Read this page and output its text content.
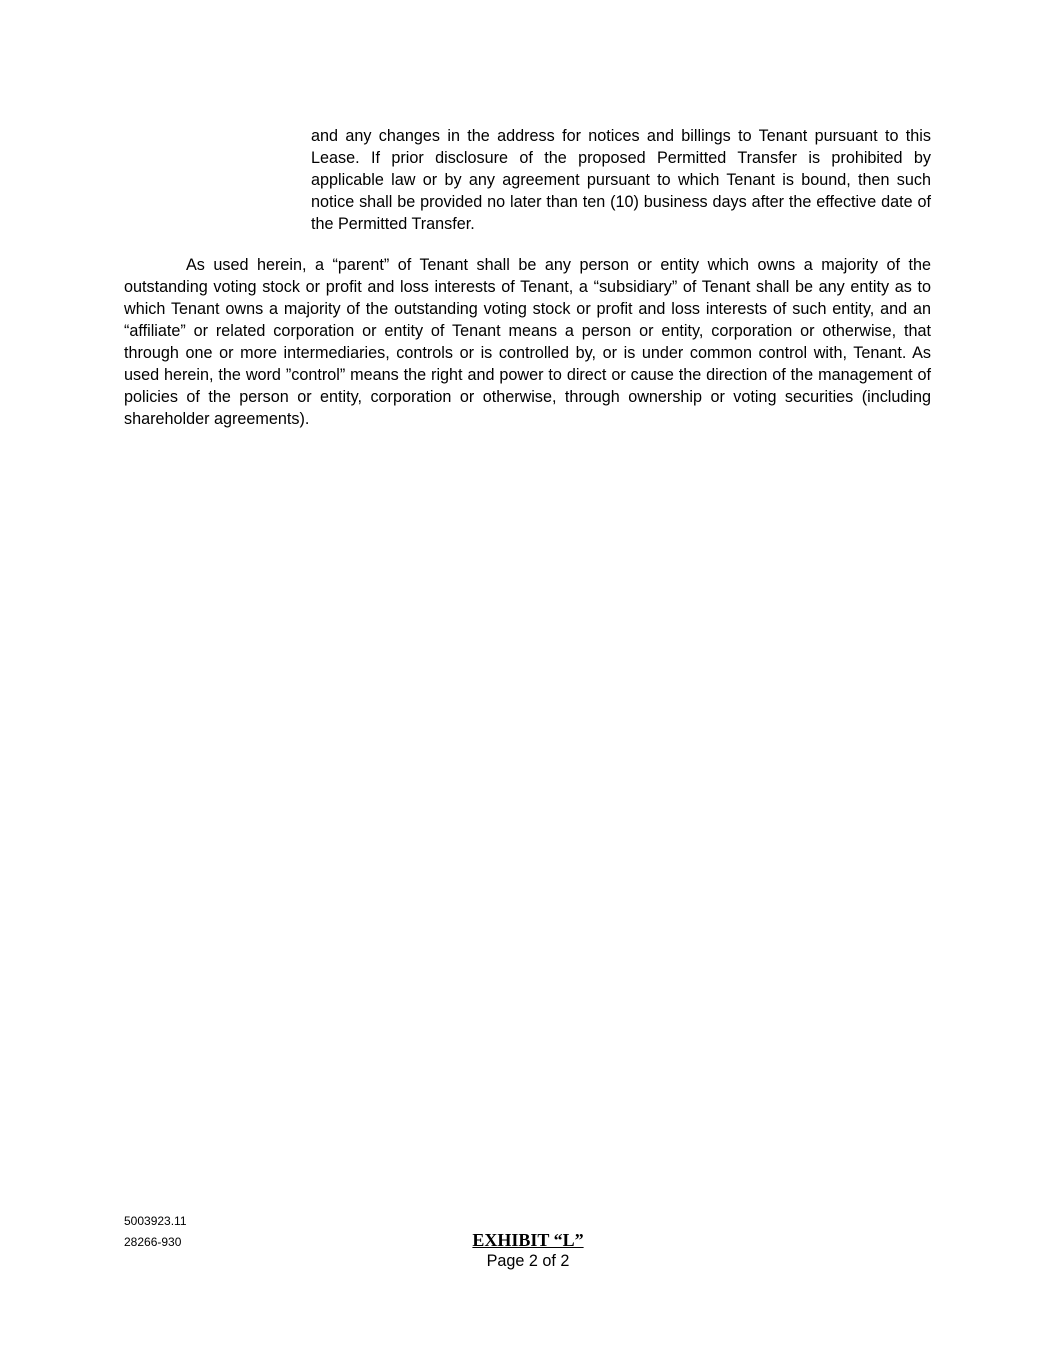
and any changes in the address for notices and billings to Tenant pursuant to this Lease. If prior disclosure of the proposed Permitted Transfer is prohibited by applicable law or by any agreement pursuant to which Tenant is bound, then such notice shall be provided no later than ten (10) business days after the effective date of the Permitted Transfer.

As used herein, a “parent” of Tenant shall be any person or entity which owns a majority of the outstanding voting stock or profit and loss interests of Tenant, a “subsidiary” of Tenant shall be any entity as to which Tenant owns a majority of the outstanding voting stock or profit and loss interests of such entity, and an “affiliate” or related corporation or entity of Tenant means a person or entity, corporation or otherwise, that through one or more intermediaries, controls or is controlled by, or is under common control with, Tenant. As used herein, the word ”control” means the right and power to direct or cause the direction of the management of policies of the person or entity, corporation or otherwise, through ownership or voting securities (including shareholder agreements).

5003923.11
28266-930	EXHIBIT “L”
Page 2 of 2
